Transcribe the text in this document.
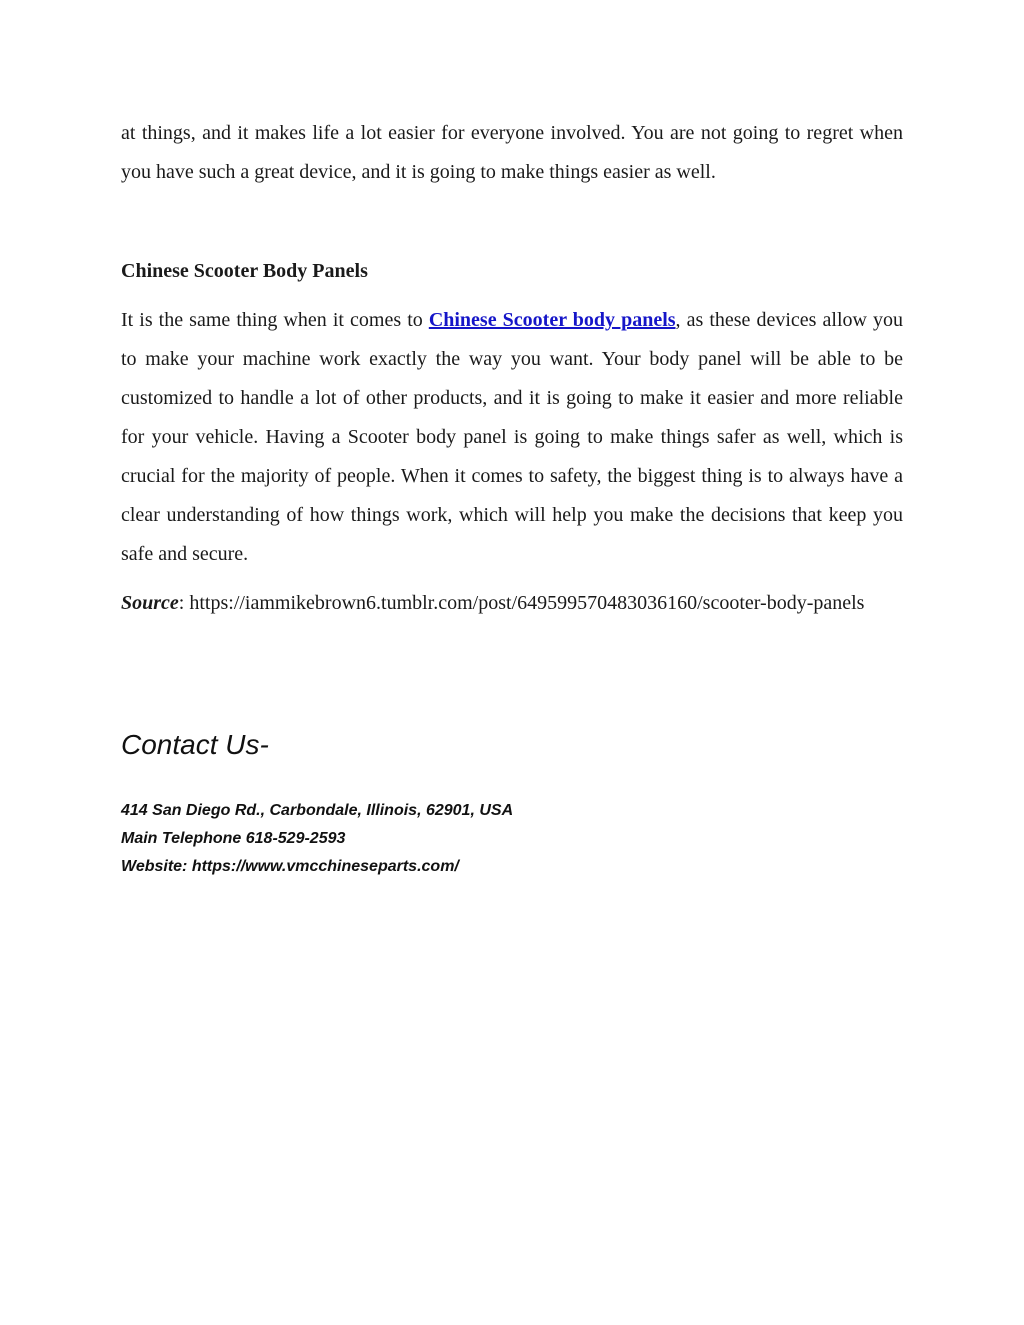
at things, and it makes life a lot easier for everyone involved. You are not going to regret when you have such a great device, and it is going to make things easier as well.

Chinese Scooter Body Panels

It is the same thing when it comes to Chinese Scooter body panels, as these devices allow you to make your machine work exactly the way you want. Your body panel will be able to be customized to handle a lot of other products, and it is going to make it easier and more reliable for your vehicle. Having a Scooter body panel is going to make things safer as well, which is crucial for the majority of people. When it comes to safety, the biggest thing is to always have a clear understanding of how things work, which will help you make the decisions that keep you safe and secure.

Source: https://iammikebrown6.tumblr.com/post/649599570483036160/scooter-body-panels

Contact Us-
414 San Diego Rd., Carbondale, Illinois, 62901, USA
Main Telephone 618-529-2593
Website: https://www.vmcchineseparts.com/
